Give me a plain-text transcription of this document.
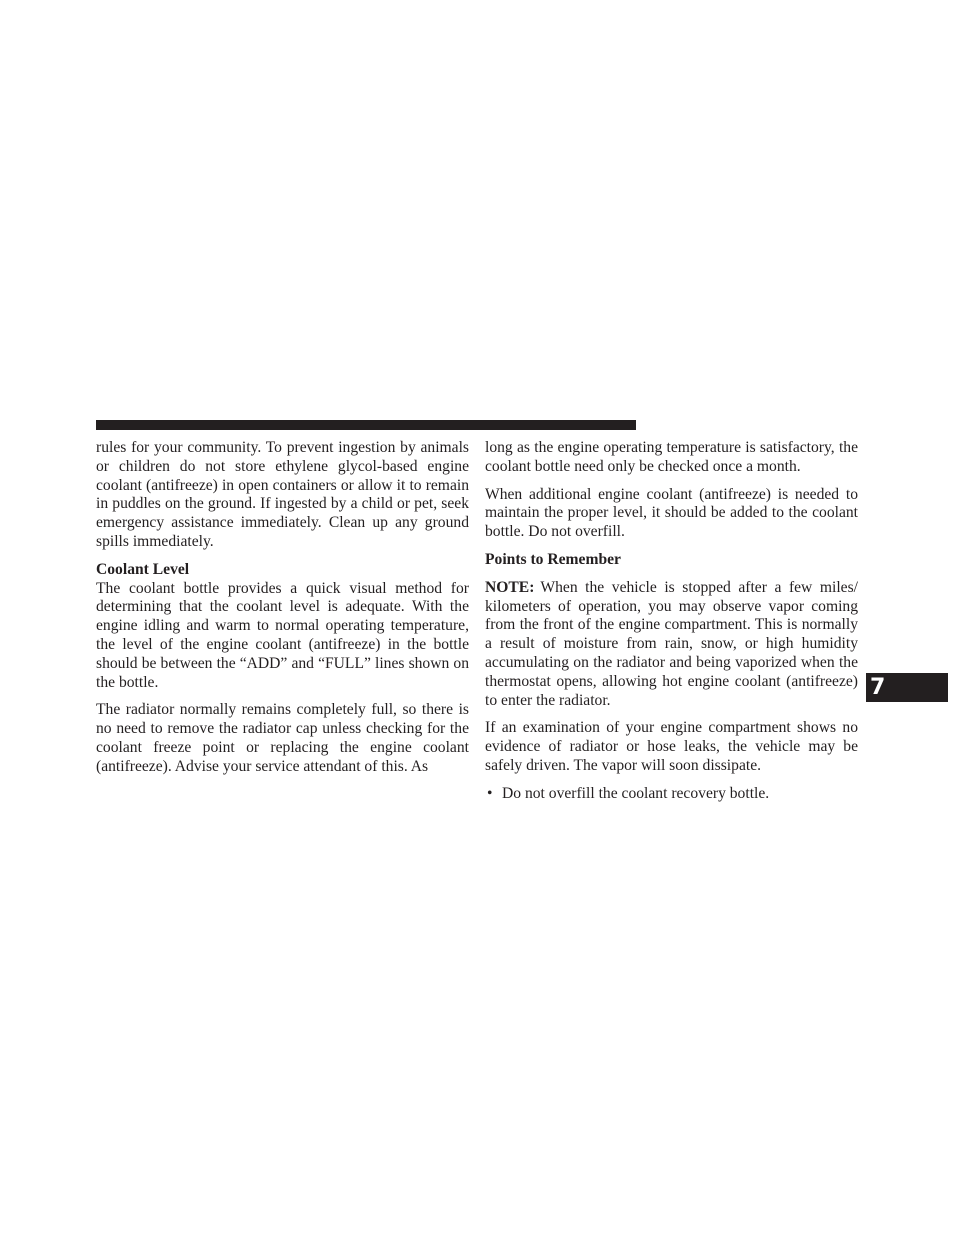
rules for your community. To prevent ingestion by animals or children do not store ethylene glycol-based engine coolant (antifreeze) in open containers or allow it to remain in puddles on the ground. If ingested by a child or pet, seek emergency assistance immediately. Clean up any ground spills immediately.

Coolant Level

The coolant bottle provides a quick visual method for determining that the coolant level is adequate. With the engine idling and warm to normal operating temperature, the level of the engine coolant (antifreeze) in the bottle should be between the “ADD” and “FULL” lines shown on the bottle.

The radiator normally remains completely full, so there is no need to remove the radiator cap unless checking for the coolant freeze point or replacing the engine coolant (antifreeze). Advise your service attendant of this. As

long as the engine operating temperature is satisfactory, the coolant bottle need only be checked once a month.

When additional engine coolant (antifreeze) is needed to maintain the proper level, it should be added to the coolant bottle. Do not overfill.

Points to Remember

NOTE: When the vehicle is stopped after a few miles/ kilometers of operation, you may observe vapor coming from the front of the engine compartment. This is normally a result of moisture from rain, snow, or high humidity accumulating on the radiator and being vaporized when the thermostat opens, allowing hot engine coolant (antifreeze) to enter the radiator.

If an examination of your engine compartment shows no evidence of radiator or hose leaks, the vehicle may be safely driven. The vapor will soon dissipate.

• Do not overfill the coolant recovery bottle.
7
